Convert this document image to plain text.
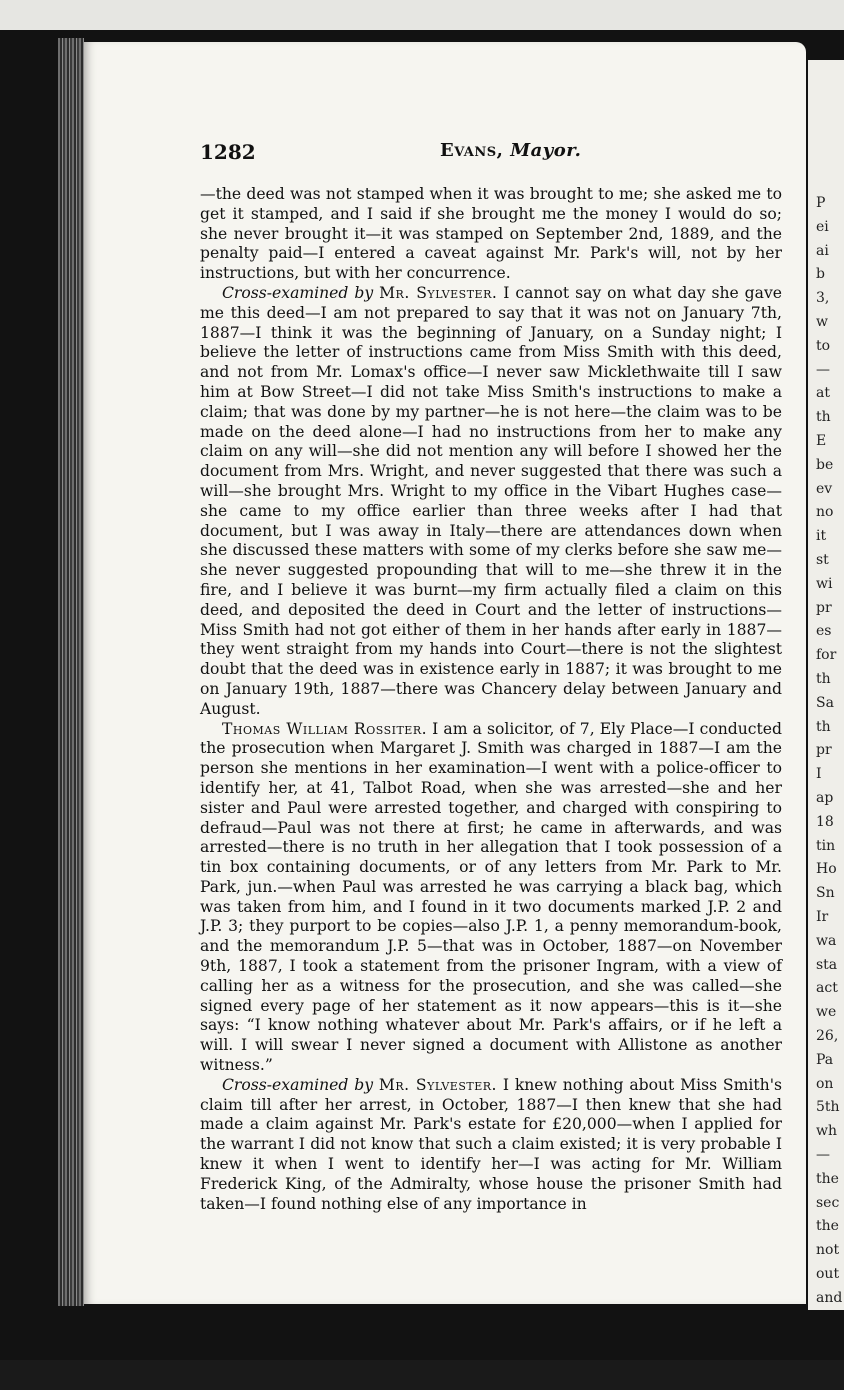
P
ei
ai
b
3,
w
to
—
at
th
E
be
ev
no
it
st
wi
pr
es
for
th
Sa
th
pr
I
ap
18
tin
Ho
Sn
Ir
wa
sta
act
we
26,
Pa
on
5th
wh
—
the
sec
the
not
out
and
1282	Evans, Mayor.

—the deed was not stamped when it was brought to me; she asked me to get it stamped, and I said if she brought me the money I would do so; she never brought it—it was stamped on September 2nd, 1889, and the penalty paid—I entered a caveat against Mr. Park's will, not by her instructions, but with her concurrence.

Cross-examined by Mr. Sylvester. I cannot say on what day she gave me this deed—I am not prepared to say that it was not on January 7th, 1887—I think it was the beginning of January, on a Sunday night; I believe the letter of instructions came from Miss Smith with this deed, and not from Mr. Lomax's office—I never saw Micklethwaite till I saw him at Bow Street—I did not take Miss Smith's instructions to make a claim; that was done by my partner—he is not here—the claim was to be made on the deed alone—I had no instructions from her to make any claim on any will—she did not mention any will before I showed her the document from Mrs. Wright, and never suggested that there was such a will—she brought Mrs. Wright to my office in the Vibart Hughes case—she came to my office earlier than three weeks after I had that document, but I was away in Italy—there are attendances down when she discussed these matters with some of my clerks before she saw me—she never suggested propounding that will to me—she threw it in the fire, and I believe it was burnt—my firm actually filed a claim on this deed, and deposited the deed in Court and the letter of instructions—Miss Smith had not got either of them in her hands after early in 1887—they went straight from my hands into Court—there is not the slightest doubt that the deed was in existence early in 1887; it was brought to me on January 19th, 1887—there was Chancery delay between January and August.

Thomas William Rossiter. I am a solicitor, of 7, Ely Place—I conducted the prosecution when Margaret J. Smith was charged in 1887—I am the person she mentions in her examination—I went with a police-officer to identify her, at 41, Talbot Road, when she was arrested—she and her sister and Paul were arrested together, and charged with conspiring to defraud—Paul was not there at first; he came in afterwards, and was arrested—there is no truth in her allegation that I took possession of a tin box containing documents, or of any letters from Mr. Park to Mr. Park, jun.—when Paul was arrested he was carrying a black bag, which was taken from him, and I found in it two documents marked J.P. 2 and J.P. 3; they purport to be copies—also J.P. 1, a penny memorandum-book, and the memorandum J.P. 5—that was in October, 1887—on November 9th, 1887, I took a statement from the prisoner Ingram, with a view of calling her as a witness for the prosecution, and she was called—she signed every page of her statement as it now appears—this is it—she says: “I know nothing whatever about Mr. Park's affairs, or if he left a will. I will swear I never signed a document with Allistone as another witness.”

Cross-examined by Mr. Sylvester. I knew nothing about Miss Smith's claim till after her arrest, in October, 1887—I then knew that she had made a claim against Mr. Park's estate for £20,000—when I applied for the warrant I did not know that such a claim existed; it is very probable I knew it when I went to identify her—I was acting for Mr. William Frederick King, of the Admiralty, whose house the prisoner Smith had taken—I found nothing else of any importance in
